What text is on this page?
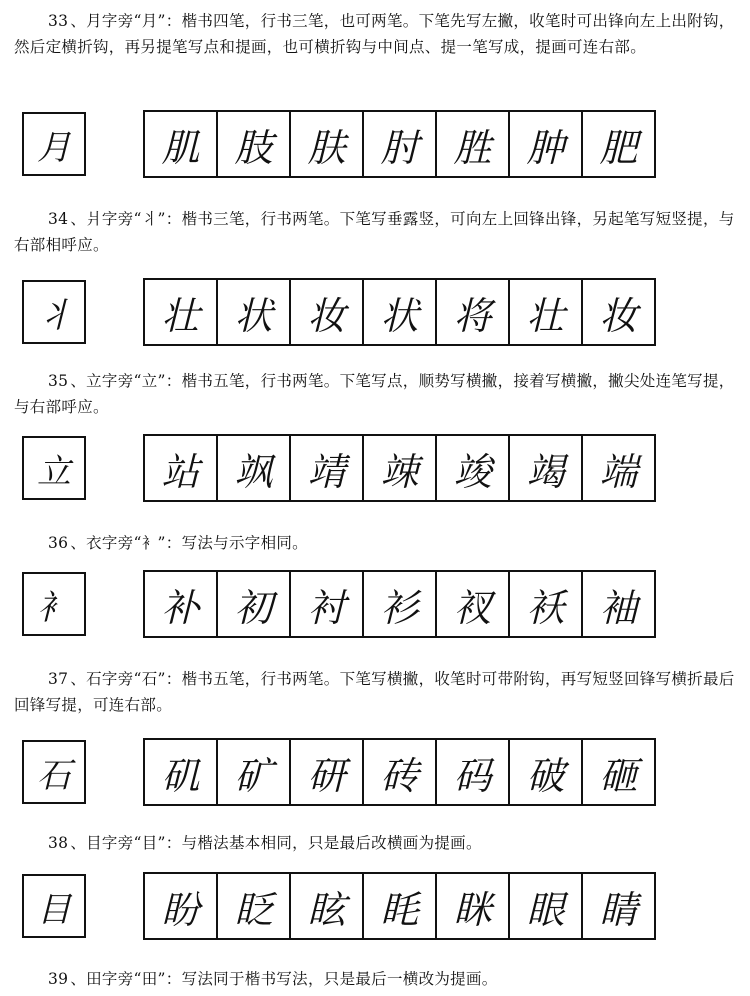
33 、月字旁“月”：楷书四笔，行书三笔，也可两笔。下笔先写左撇，收笔时可出锋向左上出附钩，然后定横折钩，再另提笔写点和提画，也可横折钩与中间点、提一笔写成，提画可连右部。
月	肌 肢 肤 肘 胜 肿 肥
34 、爿字旁“丬”：楷书三笔，行书两笔。下笔写垂露竖，可向左上回锋出锋，另起笔写短竖提，与右部相呼应。
丬	壮 状 妆 状 将 壮 妆
35 、立字旁“立”：楷书五笔，行书两笔。下笔写点，顺势写横撇，接着写横撇，撇尖处连笔写提，与右部呼应。
立	站 飒 靖 竦 竣 竭 端
36 、衣字旁“衤”：写法与示字相同。
衤	补 初 衬 衫 衩 袄 袖
37 、石字旁“石”：楷书五笔，行书两笔。下笔写横撇，收笔时可带附钩，再写短竖回锋写横折最后回锋写提，可连右部。
石	矶 矿 研 砖 码 破 砸
38 、目字旁“目”：与楷法基本相同，只是最后改横画为提画。
目	盼 眨 眩 眊 眯 眼 睛
39 、田字旁“田”：写法同于楷书写法，只是最后一横改为提画。
